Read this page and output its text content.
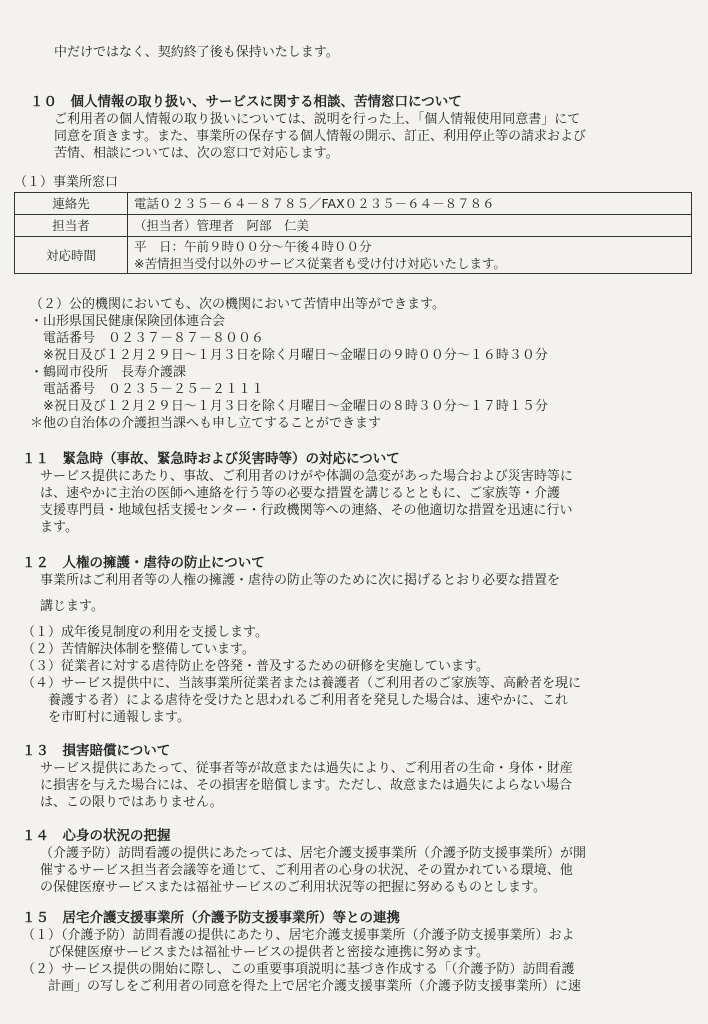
中だけではなく、契約終了後も保持いたします。
１０　個人情報の取り扱い、サービスに関する相談、苦情窓口について
ご利用者の個人情報の取り扱いについては、説明を行った上、「個人情報使用同意書」にて
同意を頂きます。また、事業所の保存する個人情報の開示、訂正、利用停止等の請求および
苦情、相談については、次の窓口で対応します。
（１）事業所窓口
連絡先	電話０２３５－６４－８７８５／FAX０２３５－６４－８７８６
担当者	（担当者）管理者　阿部　仁美
対応時間	平　日：午前９時００分～午後４時００分
※苦情担当受付以外のサービス従業者も受け付け対応いたします。
（２）公的機関においても、次の機関において苦情申出等ができます。
・山形県国民健康保険団体連合会
　電話番号　０２３７－８７－８００６
　※祝日及び１２月２９日～１月３日を除く月曜日～金曜日の９時００分～１６時３０分
・鶴岡市役所　長寿介護課
　電話番号　０２３５－２５－２１１１
　※祝日及び１２月２９日～１月３日を除く月曜日～金曜日の８時３０分～１７時１５分
＊他の自治体の介護担当課へも申し立てすることができます
１１　緊急時（事故、緊急時および災害時等）の対応について
サービス提供にあたり、事故、ご利用者のけがや体調の急変があった場合および災害時等に
は、速やかに主治の医師へ連絡を行う等の必要な措置を講じるとともに、ご家族等・介護
支援専門員・地域包括支援センター・行政機関等への連絡、その他適切な措置を迅速に行い
ます。
１２　人権の擁護・虐待の防止について
事業所はご利用者等の人権の擁護・虐待の防止等のために次に掲げるとおり必要な措置を
講じます。
（１）成年後見制度の利用を支援します。
（２）苦情解決体制を整備しています。
（３）従業者に対する虐待防止を啓発・普及するための研修を実施しています。
（４）サービス提供中に、当該事業所従業者または養護者（ご利用者のご家族等、高齢者を現に
　　養護する者）による虐待を受けたと思われるご利用者を発見した場合は、速やかに、これ
　　を市町村に通報します。
１３　損害賠償について
サービス提供にあたって、従事者等が故意または過失により、ご利用者の生命・身体・財産
に損害を与えた場合には、その損害を賠償します。ただし、故意または過失によらない場合
は、この限りではありません。
１４　心身の状況の把握
（介護予防）訪問看護の提供にあたっては、居宅介護支援事業所（介護予防支援事業所）が開
催するサービス担当者会議等を通じて、ご利用者の心身の状況、その置かれている環境、他
の保健医療サービスまたは福祉サービスのご利用状況等の把握に努めるものとします。
１５　居宅介護支援事業所（介護予防支援事業所）等との連携
（１）（介護予防）訪問看護の提供にあたり、居宅介護支援事業所（介護予防支援事業所）およ
　　び保健医療サービスまたは福祉サービスの提供者と密接な連携に努めます。
（２）サービス提供の開始に際し、この重要事項説明に基づき作成する「（介護予防）訪問看護
　　計画」の写しをご利用者の同意を得た上で居宅介護支援事業所（介護予防支援事業所）に速
